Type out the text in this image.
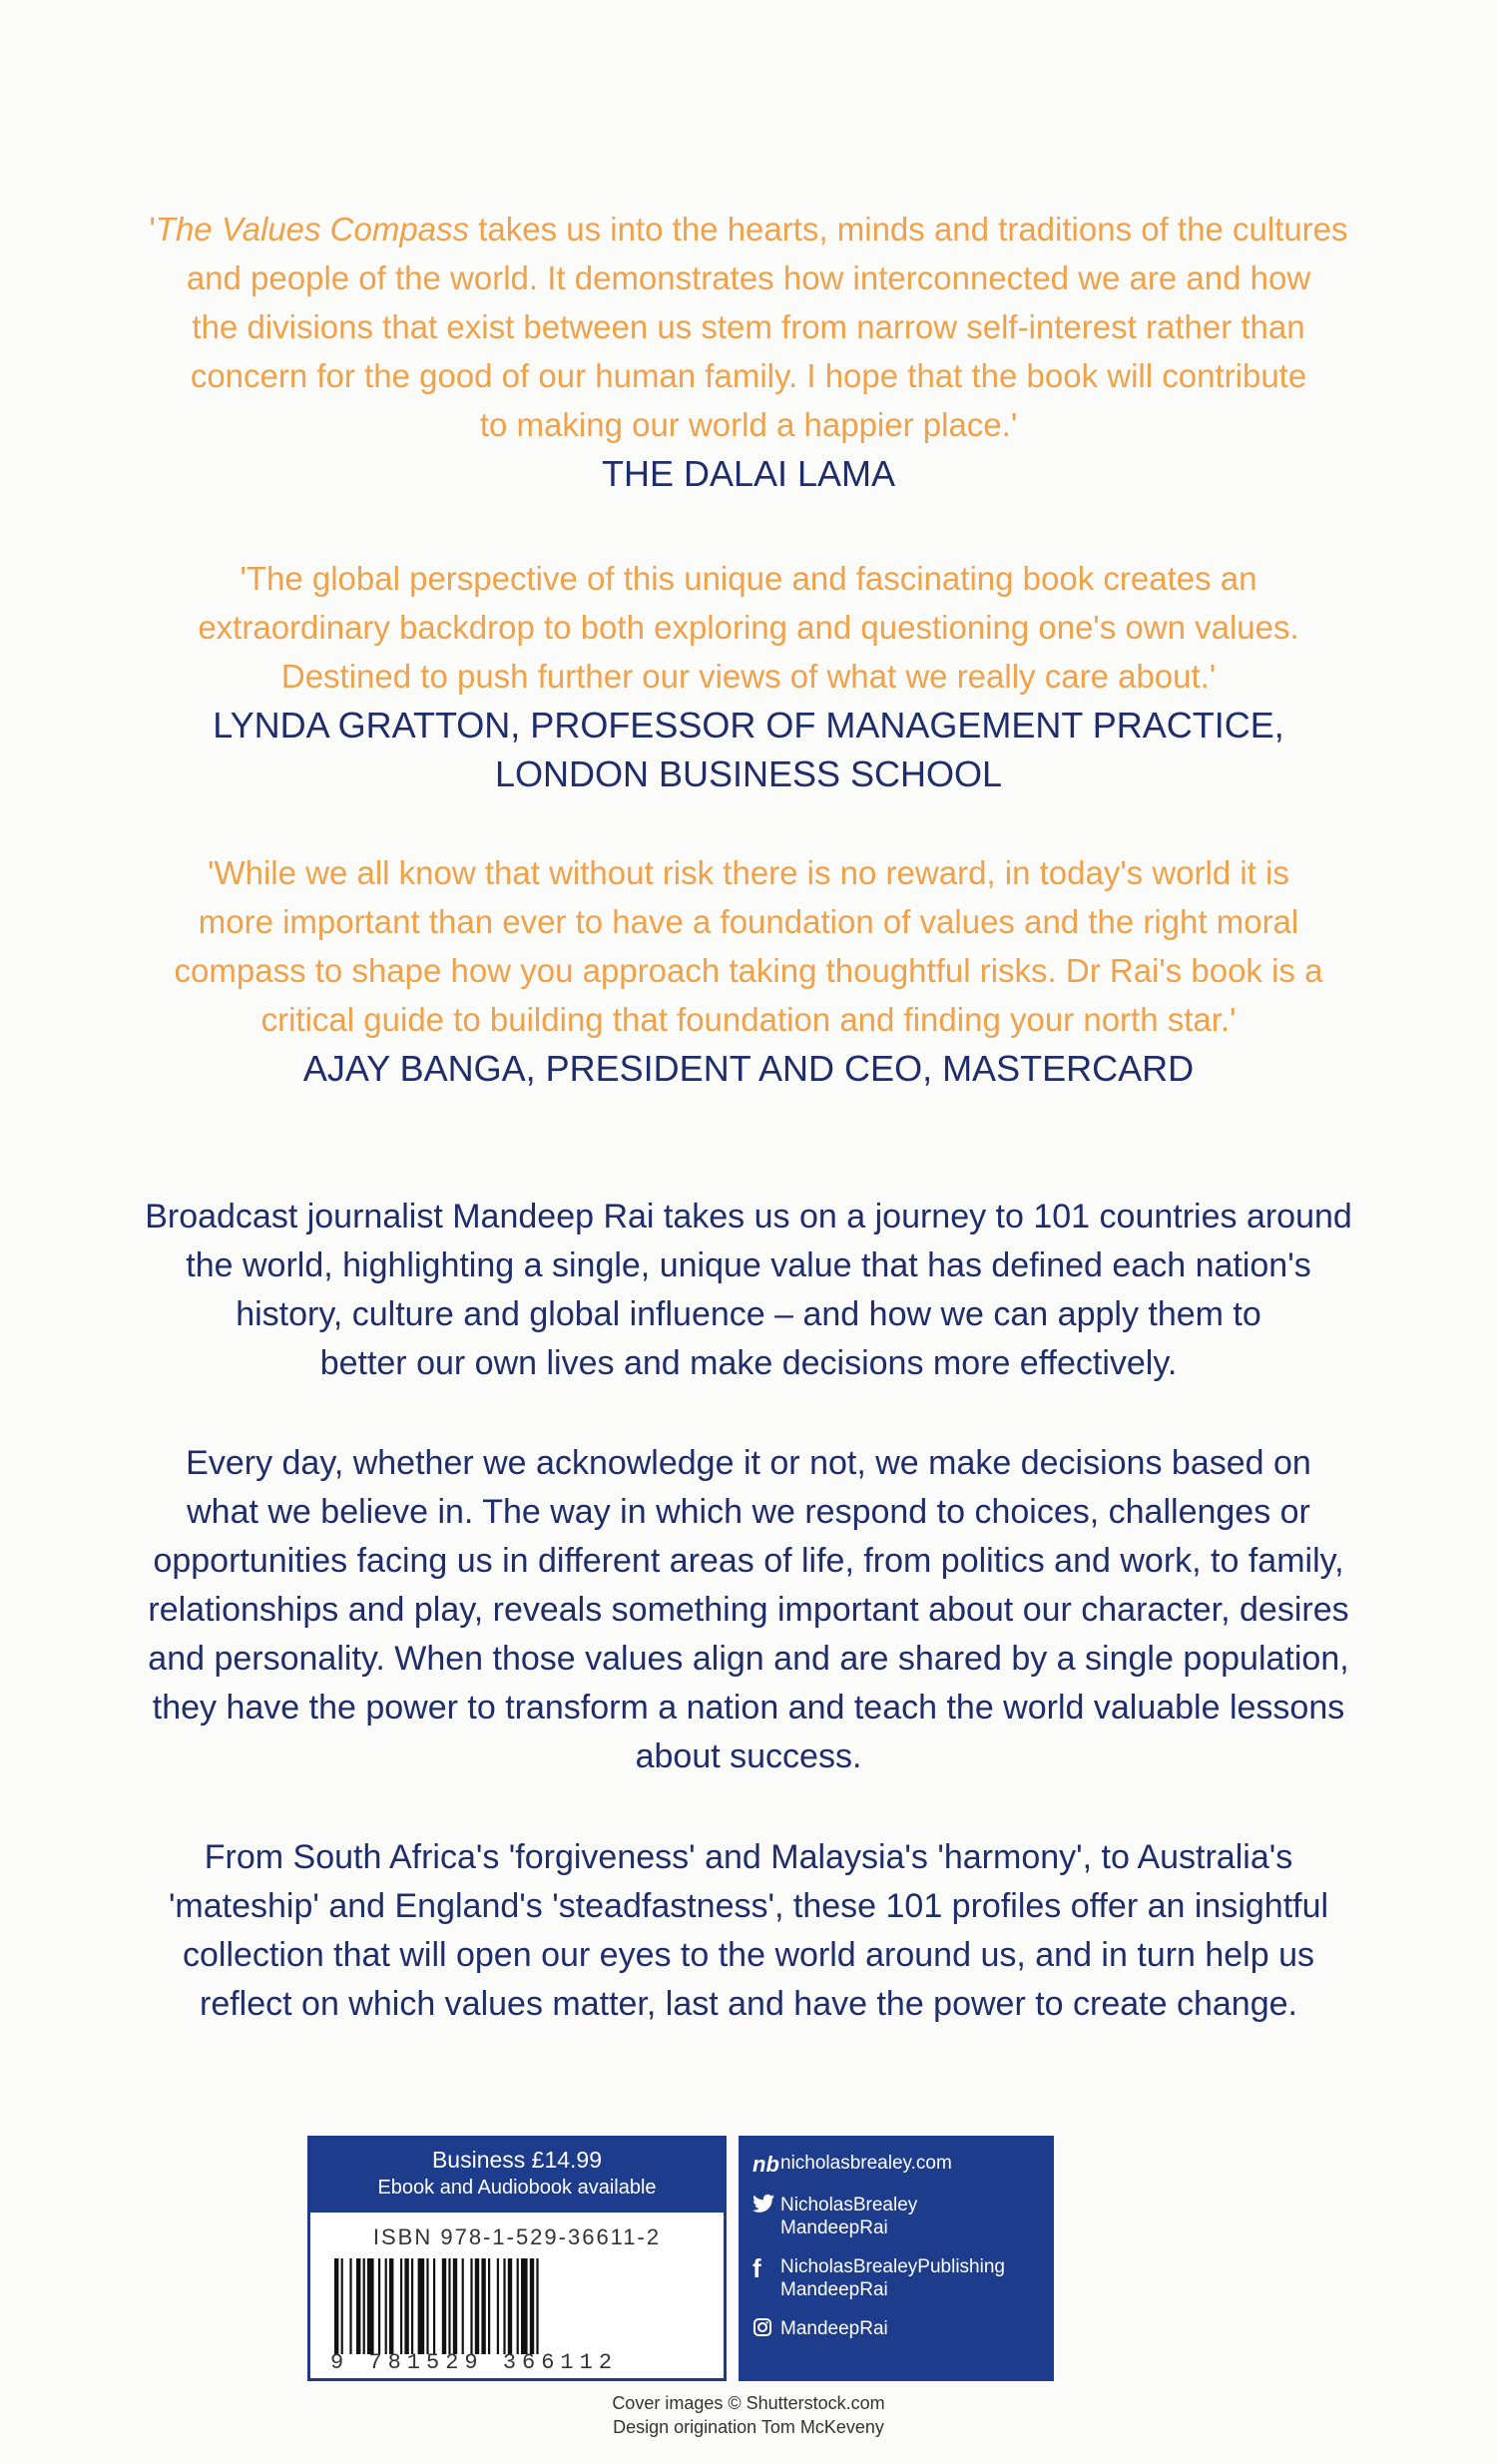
'The Values Compass takes us into the hearts, minds and traditions of the cultures

and people of the world. It demonstrates how interconnected we are and how

the divisions that exist between us stem from narrow self-interest rather than

concern for the good of our human family. I hope that the book will contribute

to making our world a happier place.'

THE DALAI LAMA

'The global perspective of this unique and fascinating book creates an

extraordinary backdrop to both exploring and questioning one's own values.

Destined to push further our views of what we really care about.'

LYNDA GRATTON, PROFESSOR OF MANAGEMENT PRACTICE,

LONDON BUSINESS SCHOOL

'While we all know that without risk there is no reward, in today's world it is

more important than ever to have a foundation of values and the right moral

compass to shape how you approach taking thoughtful risks. Dr Rai's book is a

critical guide to building that foundation and finding your north star.'

AJAY BANGA, PRESIDENT AND CEO, MASTERCARD

Broadcast journalist Mandeep Rai takes us on a journey to 101 countries around
the world, highlighting a single, unique value that has defined each nation's
history, culture and global influence – and how we can apply them to
better our own lives and make decisions more effectively.
Every day, whether we acknowledge it or not, we make decisions based on
what we believe in. The way in which we respond to choices, challenges or
opportunities facing us in different areas of life, from politics and work, to family,
relationships and play, reveals something important about our character, desires
and personality. When those values align and are shared by a single population,
they have the power to transform a nation and teach the world valuable lessons
about success.
From South Africa's 'forgiveness' and Malaysia's 'harmony', to Australia's
'mateship' and England's 'steadfastness', these 101 profiles offer an insightful
collection that will open our eyes to the world around us, and in turn help us
reflect on which values matter, last and have the power to create change.
Business £14.99
Ebook and Audiobook available
ISBN 978-1-529-36611-2
9 781529 366112
nb nicholasbrealey.com
NicholasBrealey
MandeepRai
f	NicholasBrealeyPublishing
MandeepRai
MandeepRai
Cover images © Shutterstock.com
Design origination Tom McKeveny
